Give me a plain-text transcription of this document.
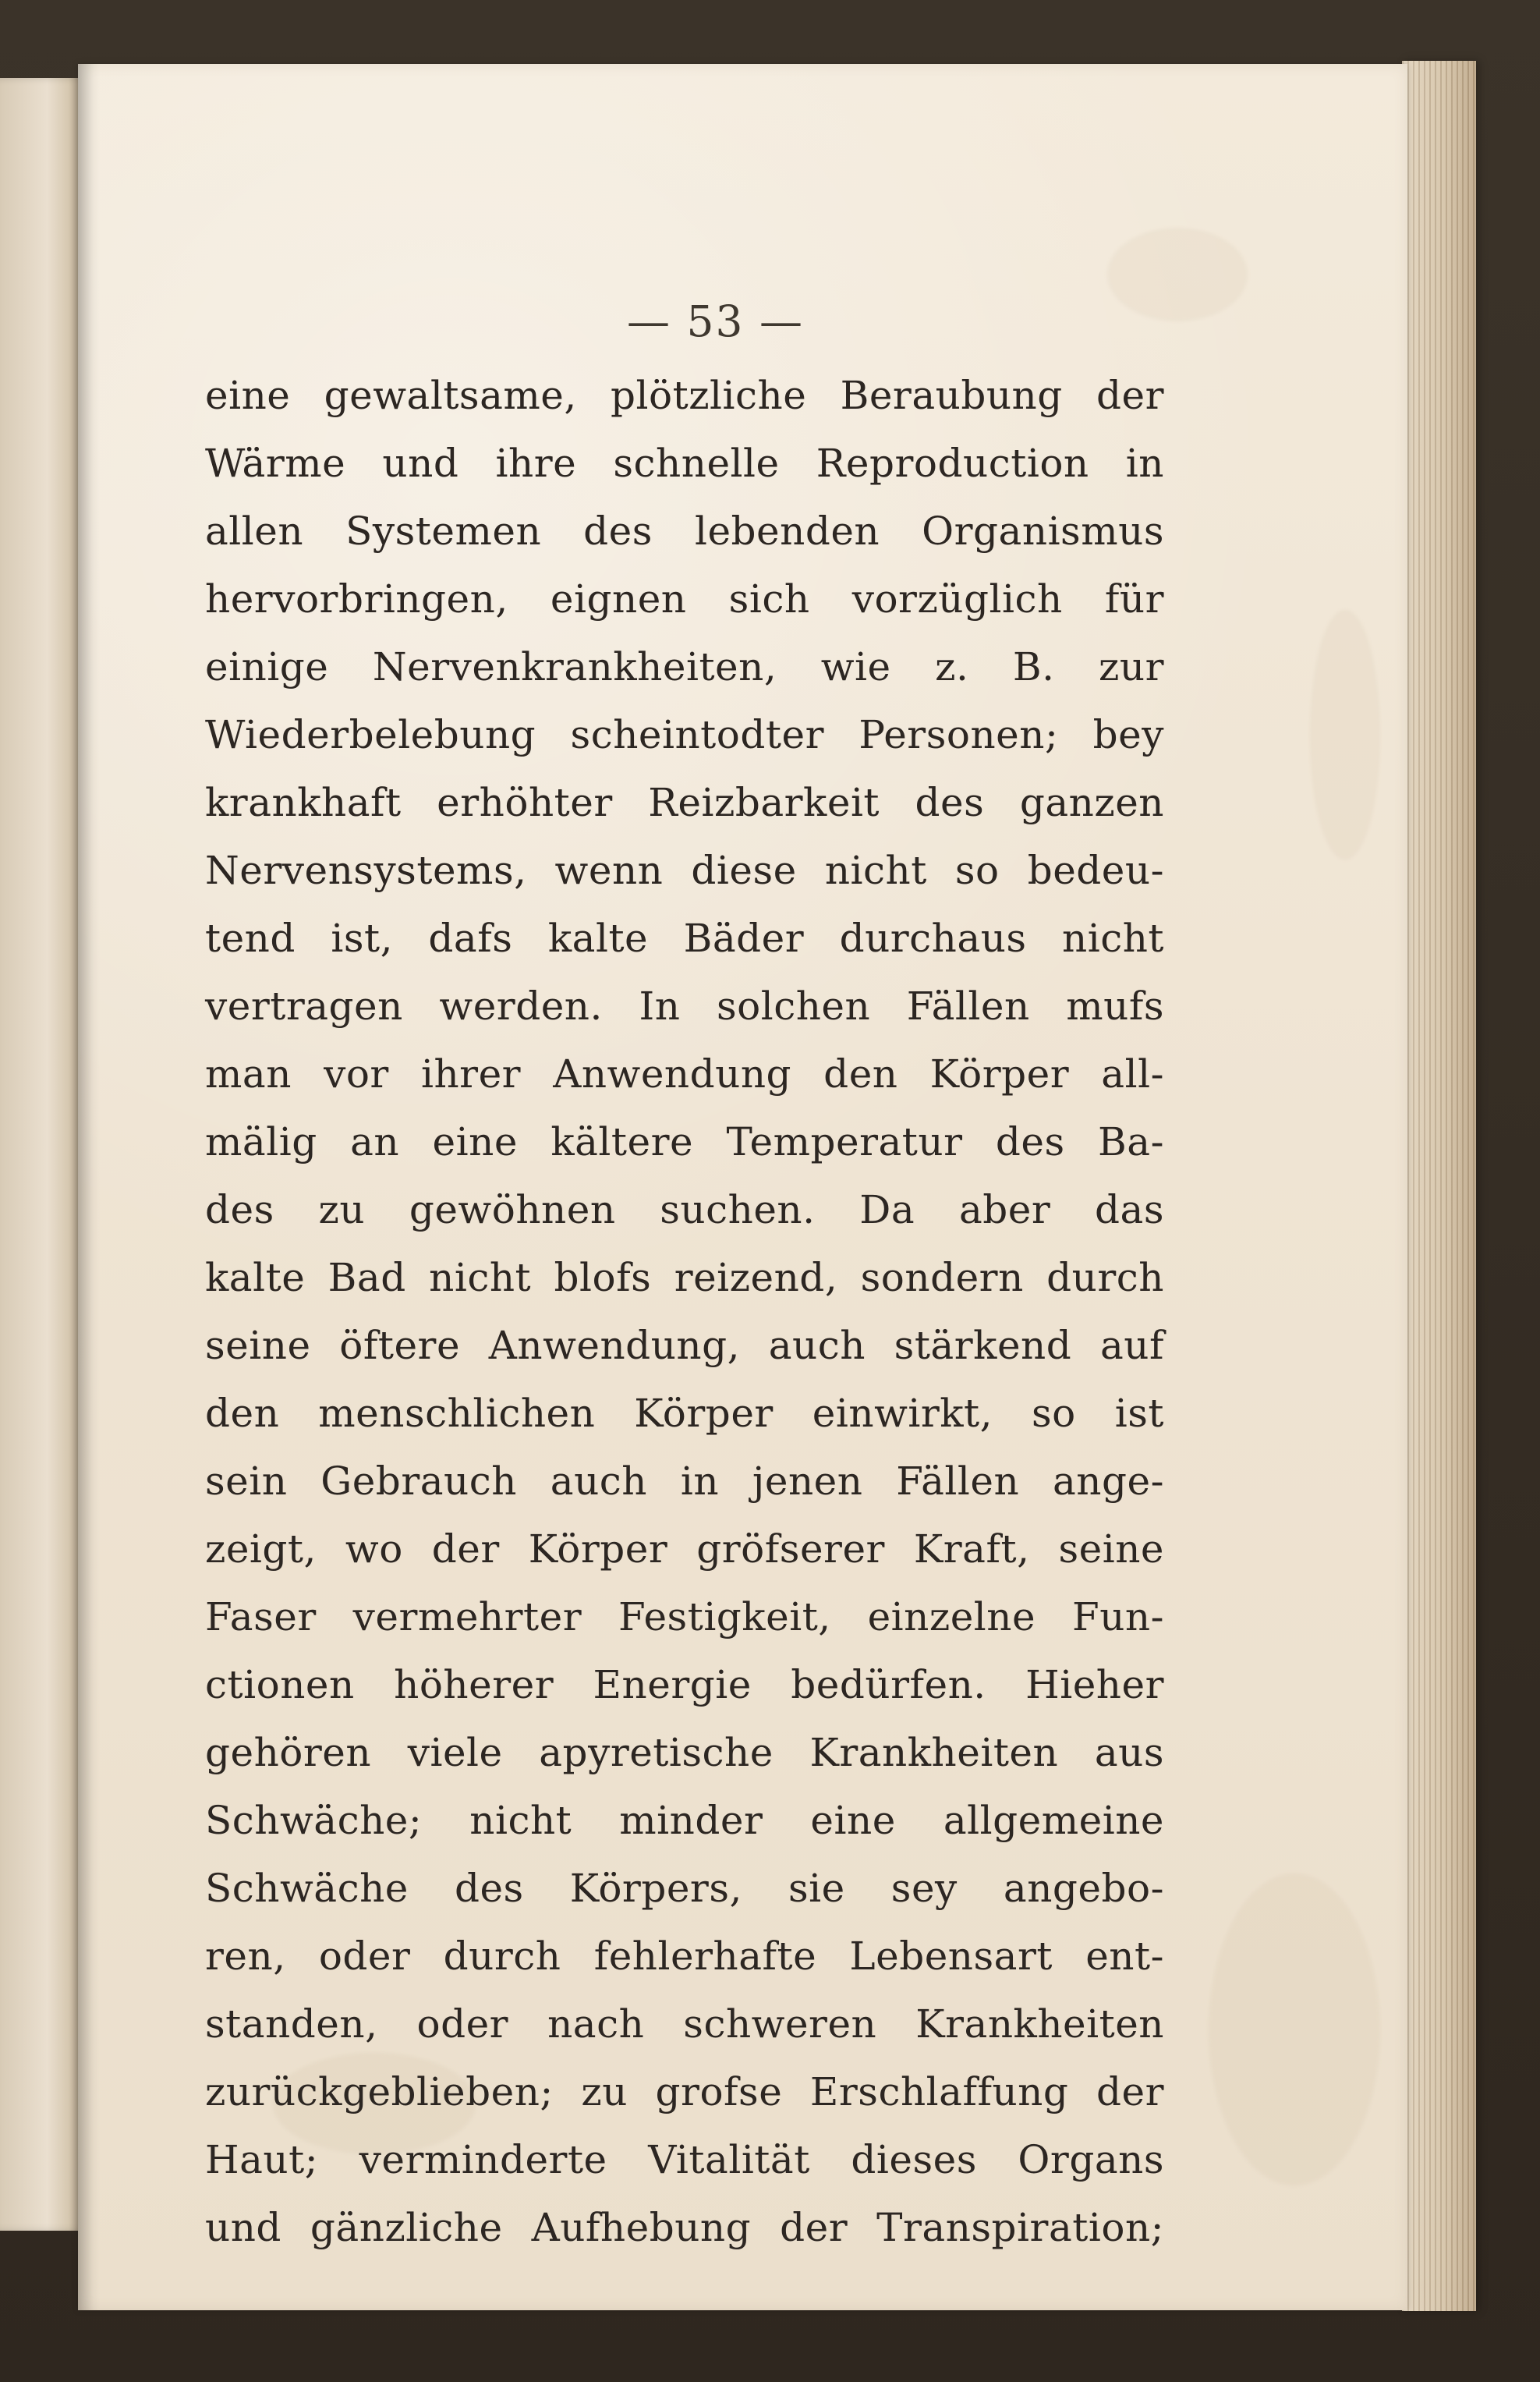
— 53 —
eine gewaltsame, plötzliche Beraubung der
Wärme und ihre schnelle Reproduction in
allen Systemen des lebenden Organismus
hervorbringen, eignen sich vorzüglich für
einige Nervenkrankheiten, wie z. B. zur
Wiederbelebung scheintodter Personen; bey
krankhaft erhöhter Reizbarkeit des ganzen
Nervensystems, wenn diese nicht so bedeu-
tend ist, dafs kalte Bäder durchaus nicht
vertragen werden. In solchen Fällen mufs
man vor ihrer Anwendung den Körper all-
mälig an eine kältere Temperatur des Ba-
des zu gewöhnen suchen. Da aber das
kalte Bad nicht blofs reizend, sondern durch
seine öftere Anwendung, auch stärkend auf
den menschlichen Körper einwirkt, so ist
sein Gebrauch auch in jenen Fällen ange-
zeigt, wo der Körper gröfserer Kraft, seine
Faser vermehrter Festigkeit, einzelne Fun-
ctionen höherer Energie bedürfen. Hieher
gehören viele apyretische Krankheiten aus
Schwäche; nicht minder eine allgemeine
Schwäche des Körpers, sie sey angebo-
ren, oder durch fehlerhafte Lebensart ent-
standen, oder nach schweren Krankheiten
zurückgeblieben; zu grofse Erschlaffung der
Haut; verminderte Vitalität dieses Organs
und gänzliche Aufhebung der Transpiration;
